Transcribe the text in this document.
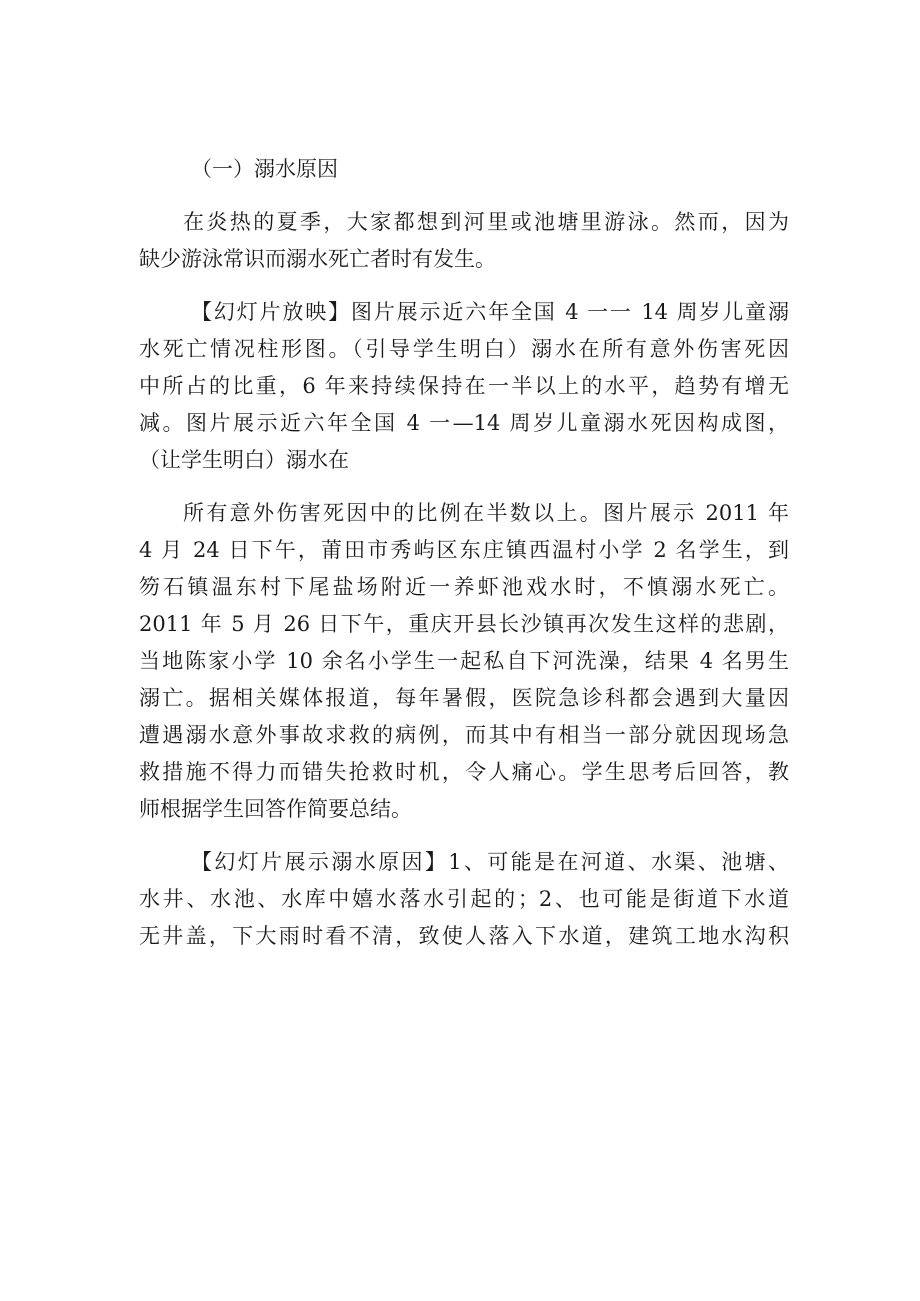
（一）溺水原因
在炎热的夏季，大家都想到河里或池塘里游泳。然而，因为
缺少游泳常识而溺水死亡者时有发生。
【幻灯片放映】图片展示近六年全国 4 一一 14 周岁儿童溺
水死亡情况柱形图。（引导学生明白）溺水在所有意外伤害死因
中所占的比重，6 年来持续保持在一半以上的水平，趋势有增无
减。图片展示近六年全国 4 一—14 周岁儿童溺水死因构成图，
（让学生明白）溺水在
所有意外伤害死因中的比例在半数以上。图片展示 2011 年
4 月 24 日下午，莆田市秀屿区东庄镇西温村小学 2 名学生，到
笏石镇温东村下尾盐场附近一养虾池戏水时，不慎溺水死亡。
2011 年 5 月 26 日下午，重庆开县长沙镇再次发生这样的悲剧，
当地陈家小学 10 余名小学生一起私自下河洗澡，结果 4 名男生
溺亡。据相关媒体报道，每年暑假，医院急诊科都会遇到大量因
遭遇溺水意外事故求救的病例，而其中有相当一部分就因现场急
救措施不得力而错失抢救时机，令人痛心。学生思考后回答，教
师根据学生回答作简要总结。
【幻灯片展示溺水原因】1、可能是在河道、水渠、池塘、
水井、水池、水库中嬉水落水引起的；2、也可能是街道下水道
无井盖，下大雨时看不清，致使人落入下水道，建筑工地水沟积
